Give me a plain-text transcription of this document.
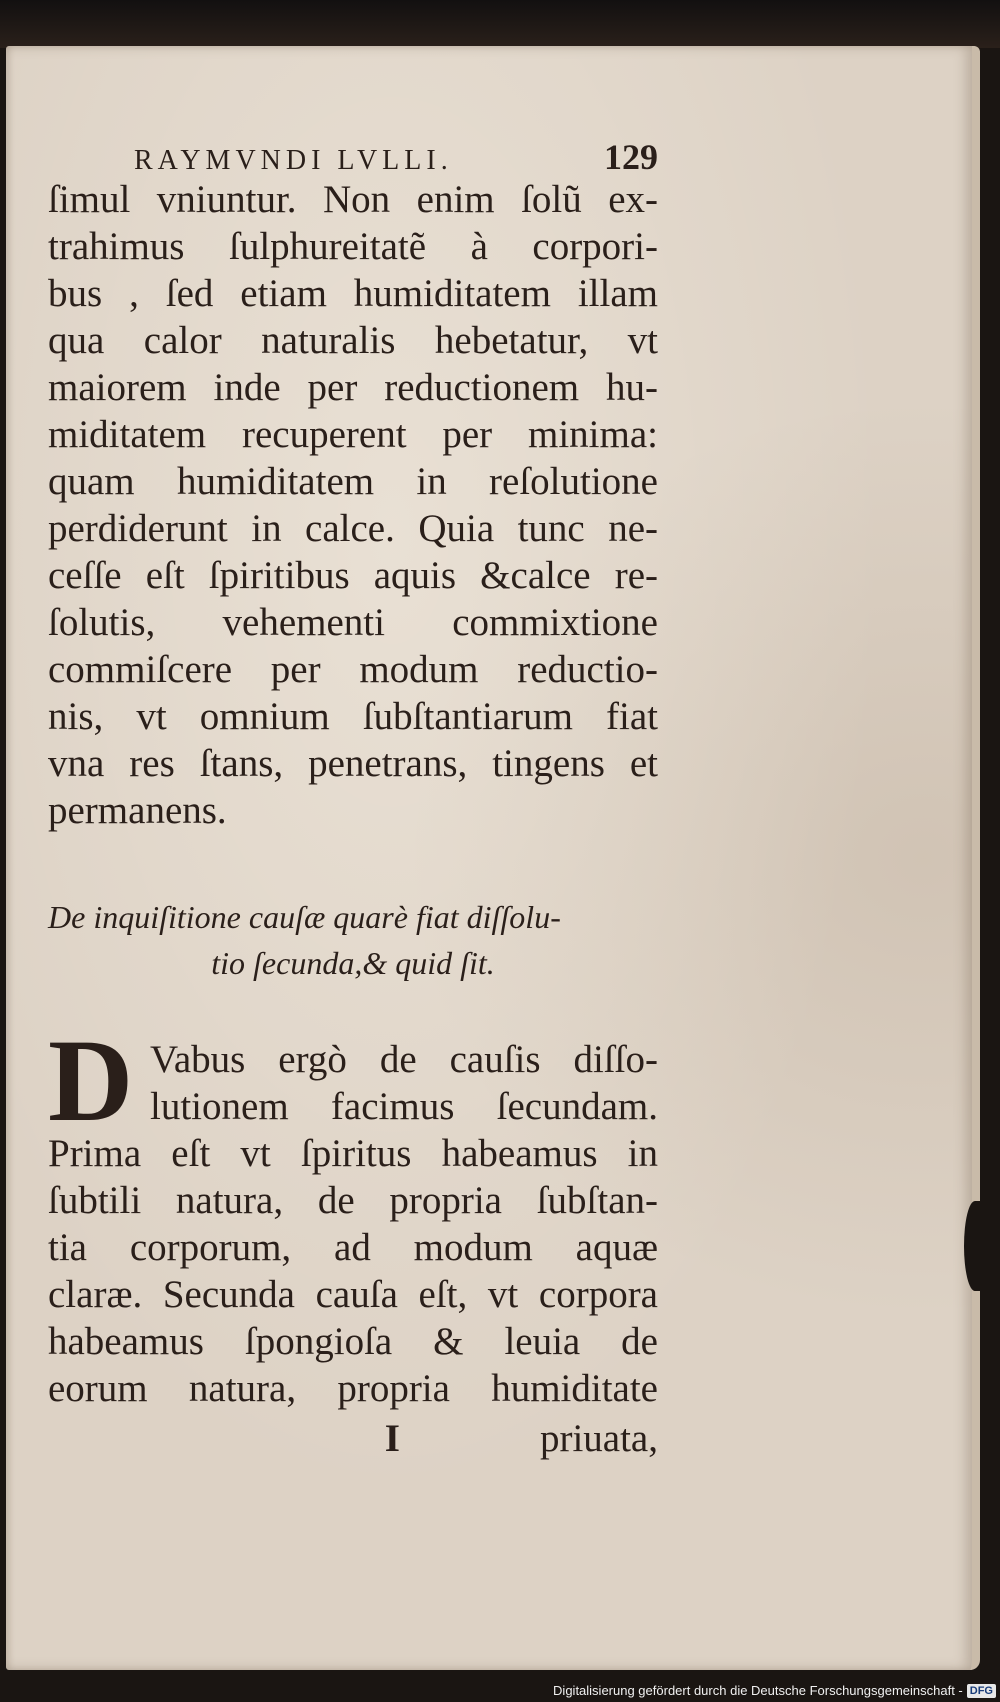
RAYMVNDI LVLLI.	129
ſimul vniuntur. Non enim ſolũ ex-
trahimus ſulphureitatẽ à corpori-
bus , ſed etiam humiditatem illam
qua calor naturalis hebetatur, vt
maiorem inde per reductionem hu-
miditatem recuperent per minima:
quam humiditatem in reſolutione
perdiderunt in calce. Quia tunc ne-
ceſſe eſt ſpiritibus aquis &calce re-
ſolutis, vehementi commixtione
commiſcere per modum reductio-
nis, vt omnium ſubſtantiarum fiat
vna res ſtans, penetrans, tingens et
permanens.
De inquiſitione cauſæ quarè fiat diſſolu-
tio ſecunda,& quid ſit.
D Vabus ergò de cauſis diſſo-
lutionem facimus ſecundam.
Prima eſt vt ſpiritus habeamus in
ſubtili natura, de propria ſubſtan-
tia corporum, ad modum aquæ
claræ. Secunda cauſa eſt, vt corpora
habeamus ſpongioſa & leuia de
eorum natura, propria humiditate
I	priuata,
Digitalisierung gefördert durch die Deutsche Forschungsgemeinschaft - DFG
